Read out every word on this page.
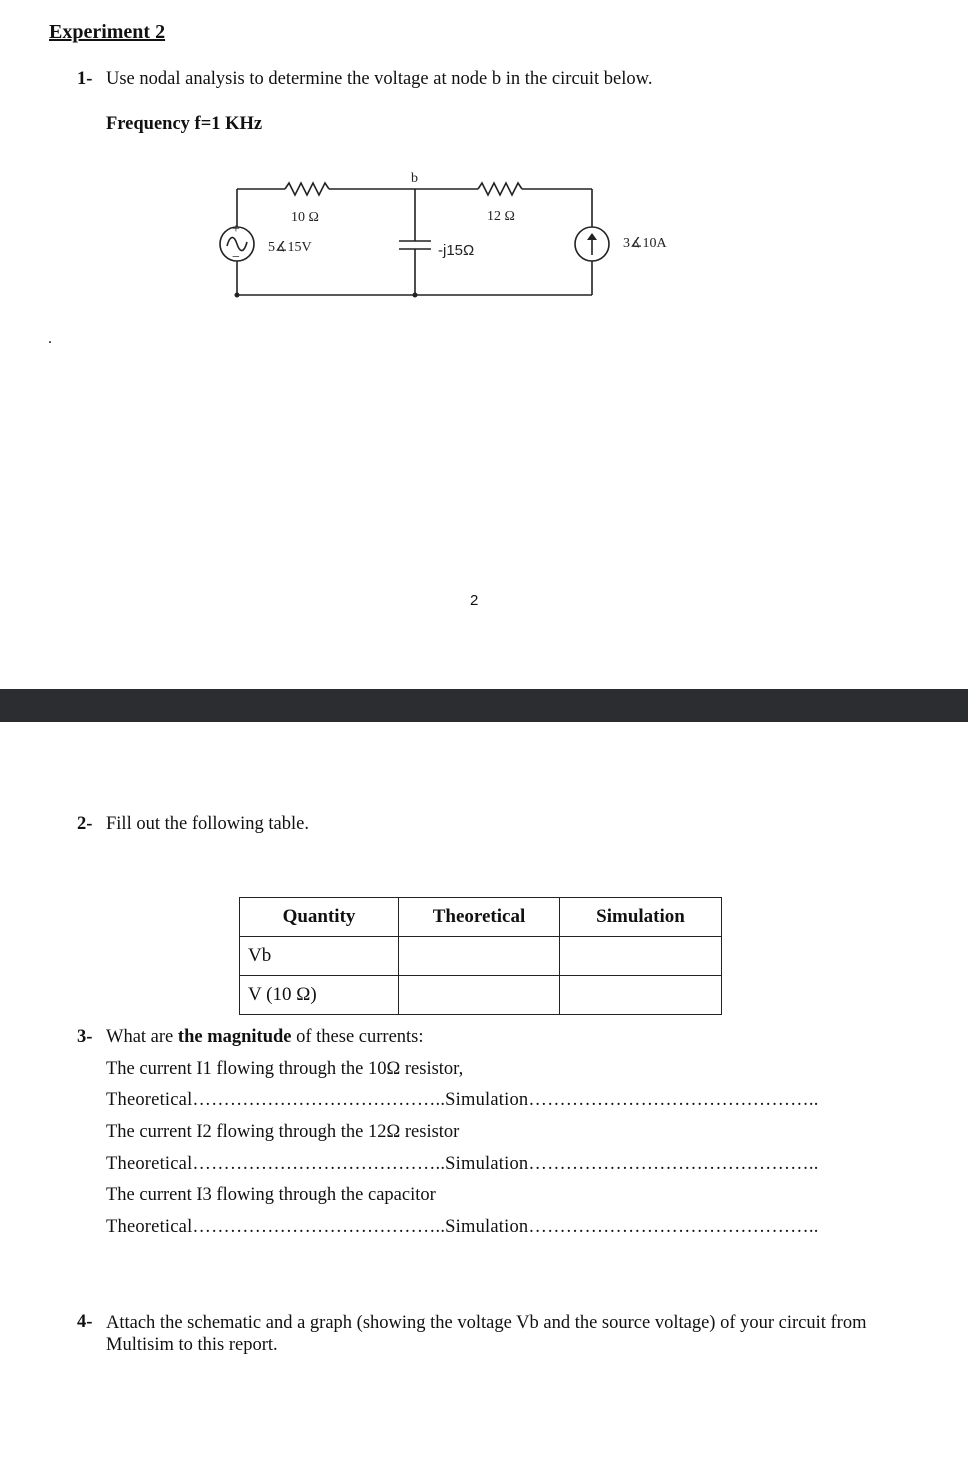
Experiment 2
1- Use nodal analysis to determine the voltage at node b in the circuit below.
Frequency f=1 KHz
+
−
b
10 Ω	12 Ω
5∡15V	-j15Ω	3∡10A
.
2
2- Fill out the following table.
Quantity	Theoretical	Simulation
Vb		
V (10 Ω)		
3- What are the magnitude of these currents:
The current I1 flowing through the 10Ω resistor,
Theoretical…………………………………..Simulation………………………………………..
The current I2 flowing through the 12Ω resistor
Theoretical…………………………………..Simulation………………………………………..
The current I3 flowing through the capacitor
Theoretical…………………………………..Simulation………………………………………..
4- Attach the schematic and a graph (showing the voltage Vb and the source voltage) of your circuit from Multisim to this report.
